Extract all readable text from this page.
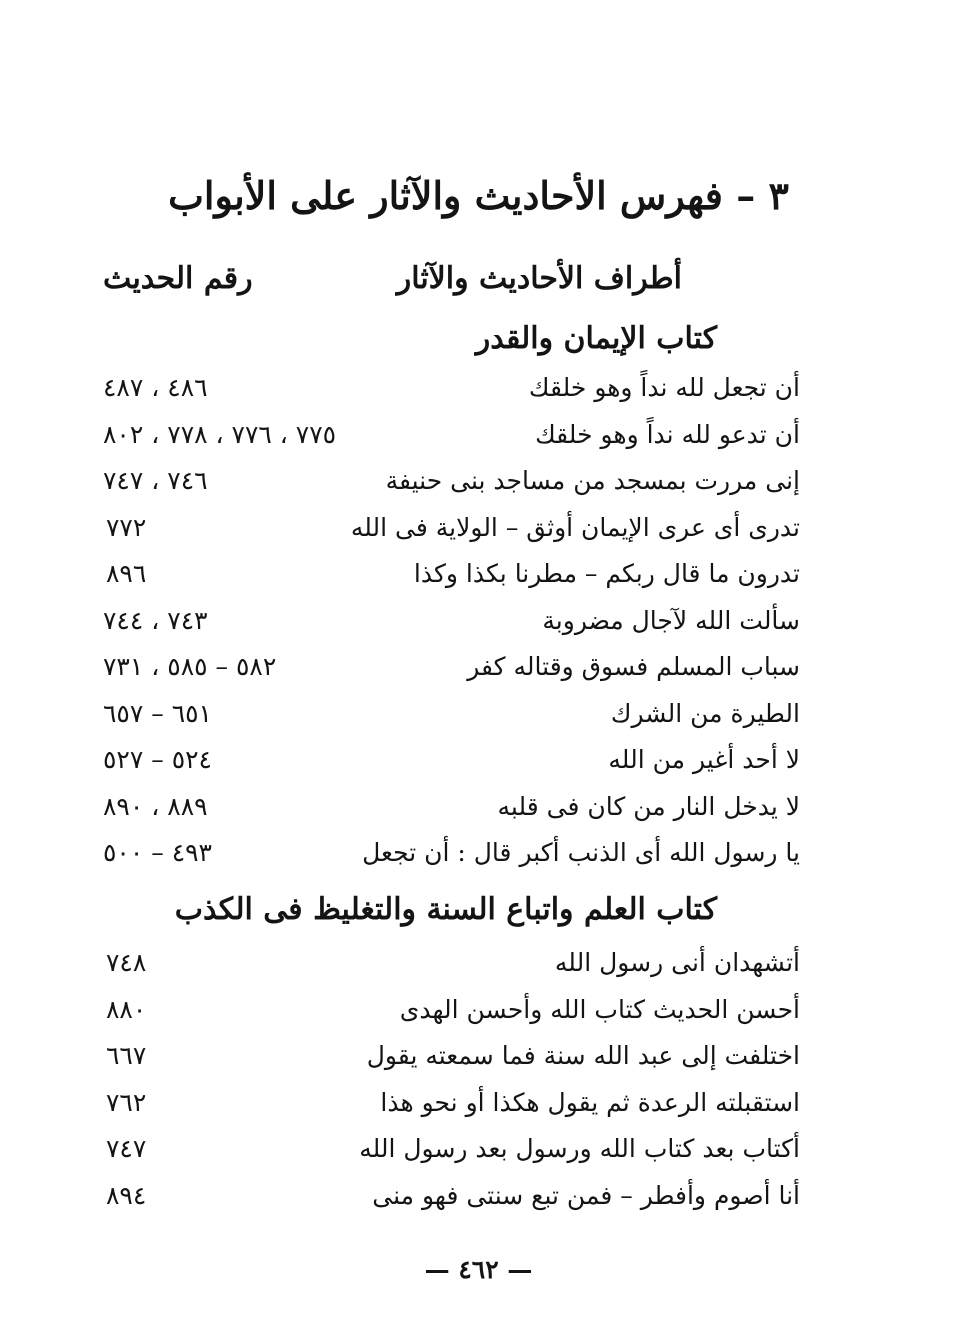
٣ – فهرس الأحاديث والآثار على الأبواب
أطراف الأحاديث والآثار
رقم الحديث
كتاب الإيمان والقدر
أن تجعل لله نداً وهو خلقك
٤٨٦ ، ٤٨٧
أن تدعو لله نداً وهو خلقك
٧٧٥ ، ٧٧٦ ، ٧٧٨ ، ٨٠٢
إنى مررت بمسجد من مساجد بنى حنيفة
٧٤٦ ، ٧٤٧
تدرى أى عرى الإيمان أوثق – الولاية فى الله
٧٧٢
تدرون ما قال ربكم – مطرنا بكذا وكذا
٨٩٦
سألت الله لآجال مضروبة
٧٤٣ ، ٧٤٤
سباب المسلم فسوق وقتاله كفر
٥٨٢ – ٥٨٥ ، ٧٣١
الطيرة من الشرك
٦٥١ – ٦٥٧
لا أحد أغير من الله
٥٢٤ – ٥٢٧
لا يدخل النار من كان فى قلبه
٨٨٩ ، ٨٩٠
يا رسول الله أى الذنب أكبر قال : أن تجعل
٤٩٣ – ٥٠٠
كتاب العلم واتباع السنة والتغليظ فى الكذب
أتشهدان أنى رسول الله
٧٤٨
أحسن الحديث كتاب الله وأحسن الهدى
٨٨٠
اختلفت إلى عبد الله سنة فما سمعته يقول
٦٦٧
استقبلته الرعدة ثم يقول هكذا أو نحو هذا
٧٦٢
أكتاب بعد كتاب الله ورسول بعد رسول الله
٧٤٧
أنا أصوم وأفطر – فمن تبع سنتى فهو منى
٨٩٤
— ٤٦٢ —
